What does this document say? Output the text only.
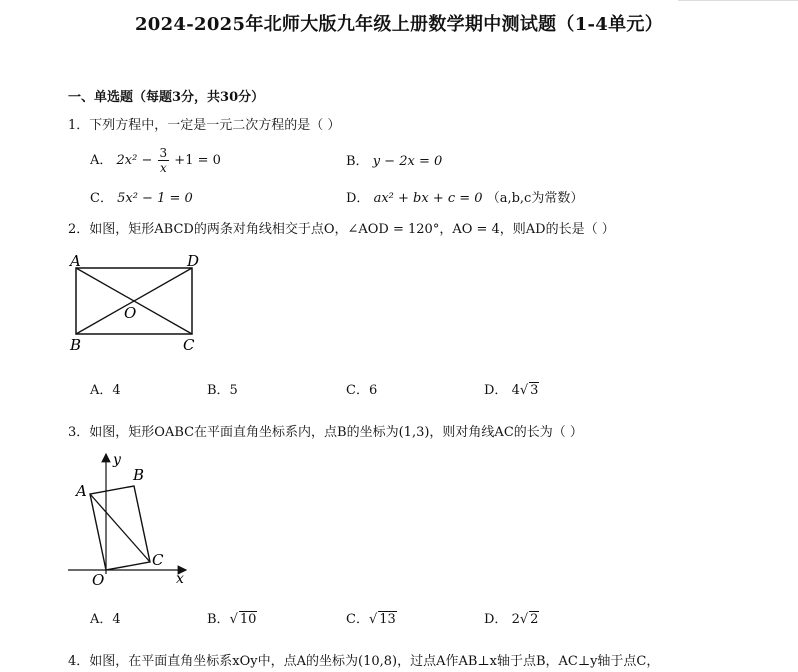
2024-2025年北师大版九年级上册数学期中测试题（1-4单元）
一、单选题（每题3分，共30分）
1．下列方程中，一定是一元二次方程的是（ ）
A． $2x^2 - \frac{3}{x} +1 = 0$	B． y − 2x = 0
C． 5x² − 1 = 0	D． ax² + bx + c = 0 （a,b,c为常数）
2．如图，矩形ABCD的两条对角线相交于点O，∠AOD = 120°，AO = 4，则AD的长是（ ）
A	D
O
B	C
A．4	B．5	C．6	D． 4√ 3
3．如图，矩形OABC在平面直角坐标系内，点B的坐标为(1,3)，则对角线AC的长为（ ）
y
A
B
C
O	x
A．4	B．√ 10	C．√ 13	D． 2√ 2
4．如图，在平面直角坐标系xOy中，点A的坐标为(10,8)，过点A作AB⊥x轴于点B，AC⊥y轴于点C，
